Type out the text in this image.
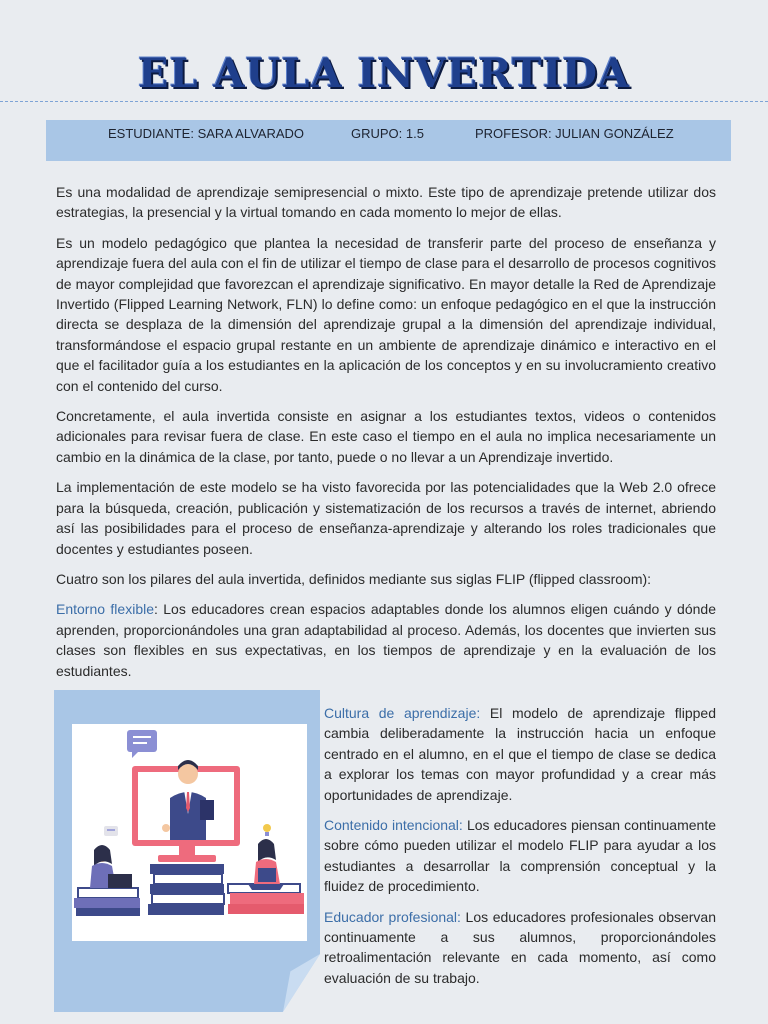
EL AULA INVERTIDA
ESTUDIANTE: SARA ALVARADO	GRUPO: 1.5	PROFESOR: JULIAN GONZÁLEZ

Es una modalidad de aprendizaje semipresencial o mixto. Este tipo de aprendizaje pretende utilizar dos estrategias, la presencial y la virtual tomando en cada momento lo mejor de ellas.

Es un modelo pedagógico que plantea la necesidad de transferir parte del proceso de enseñanza y aprendizaje fuera del aula con el fin de utilizar el tiempo de clase para el desarrollo de procesos cognitivos de mayor complejidad que favorezcan el aprendizaje significativo. En mayor detalle la Red de Aprendizaje Invertido (Flipped Learning Network, FLN) lo define como: un enfoque pedagógico en el que la instrucción directa se desplaza de la dimensión del aprendizaje grupal a la dimensión del aprendizaje individual, transformándose el espacio grupal restante en un ambiente de aprendizaje dinámico e interactivo en el que el facilitador guía a los estudiantes en la aplicación de los conceptos y en su involucramiento creativo con el contenido del curso.

Concretamente, el aula invertida consiste en asignar a los estudiantes textos, videos o contenidos adicionales para revisar fuera de clase. En este caso el tiempo en el aula no implica necesariamente un cambio en la dinámica de la clase, por tanto, puede o no llevar a un Aprendizaje invertido.

La implementación de este modelo se ha visto favorecida por las potencialidades que la Web 2.0 ofrece para la búsqueda, creación, publicación y sistematización de los recursos a través de internet, abriendo así las posibilidades para el proceso de enseñanza-aprendizaje y alterando los roles tradicionales que docentes y estudiantes poseen.

Cuatro son los pilares del aula invertida, definidos mediante sus siglas FLIP (flipped classroom):

Entorno flexible: Los educadores crean espacios adaptables donde los alumnos eligen cuándo y dónde aprenden, proporcionándoles una gran adaptabilidad al proceso. Además, los docentes que invierten sus clases son flexibles en sus expectativas, en los tiempos de aprendizaje y en la evaluación de los estudiantes.

Cultura de aprendizaje: El modelo de aprendizaje flipped cambia deliberadamente la instrucción hacia un enfoque centrado en el alumno, en el que el tiempo de clase se dedica a explorar los temas con mayor profundidad y a crear más oportunidades de aprendizaje.

Contenido intencional: Los educadores piensan continuamente sobre cómo pueden utilizar el modelo FLIP para ayudar a los estudiantes a desarrollar la comprensión conceptual y la fluidez de procedimiento.

Educador profesional: Los educadores profesionales observan continuamente a sus alumnos, proporcionándoles retroalimentación relevante en cada momento, así como evaluación de su trabajo.
